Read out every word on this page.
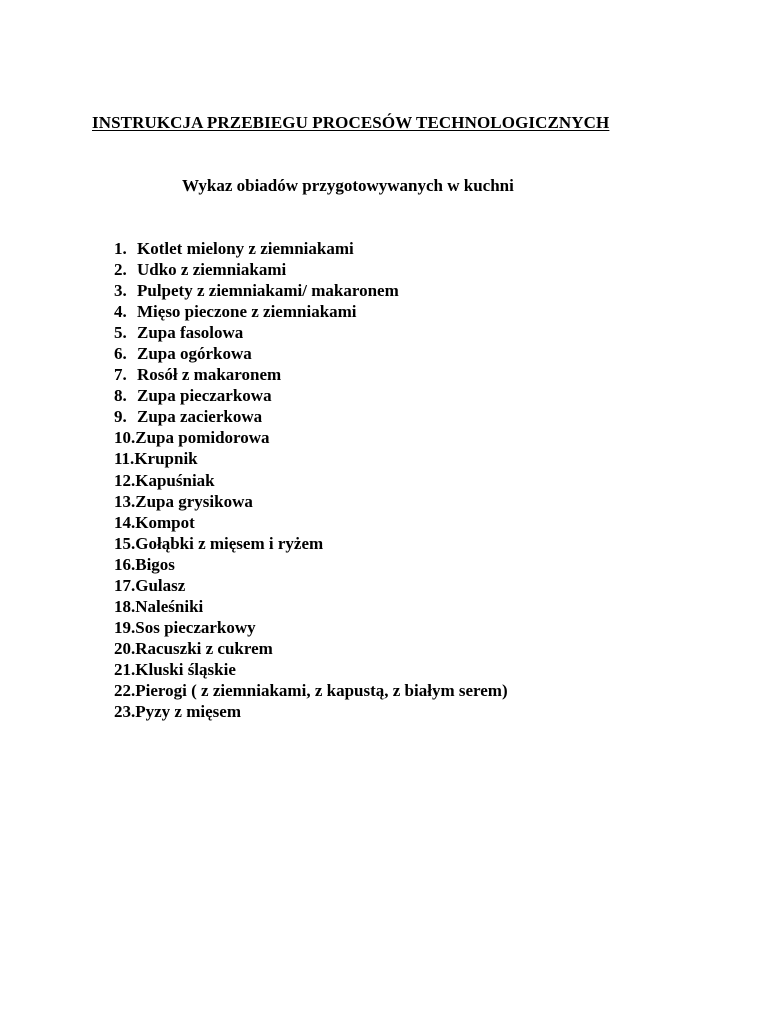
INSTRUKCJA PRZEBIEGU PROCESÓW TECHNOLOGICZNYCH
Wykaz obiadów przygotowywanych w kuchni
1. Kotlet mielony z ziemniakami
2. Udko z ziemniakami
3. Pulpety z ziemniakami/ makaronem
4. Mięso pieczone z ziemniakami
5. Zupa fasolowa
6. Zupa ogórkowa
7. Rosół z makaronem
8. Zupa pieczarkowa
9. Zupa zacierkowa
10. Zupa pomidorowa
11. Krupnik
12. Kapuśniak
13. Zupa grysikowa
14. Kompot
15. Gołąbki z mięsem i ryżem
16. Bigos
17. Gulasz
18. Naleśniki
19. Sos pieczarkowy
20. Racuszki z cukrem
21. Kluski śląskie
22. Pierogi ( z ziemniakami, z kapustą, z białym serem)
23. Pyzy z mięsem
